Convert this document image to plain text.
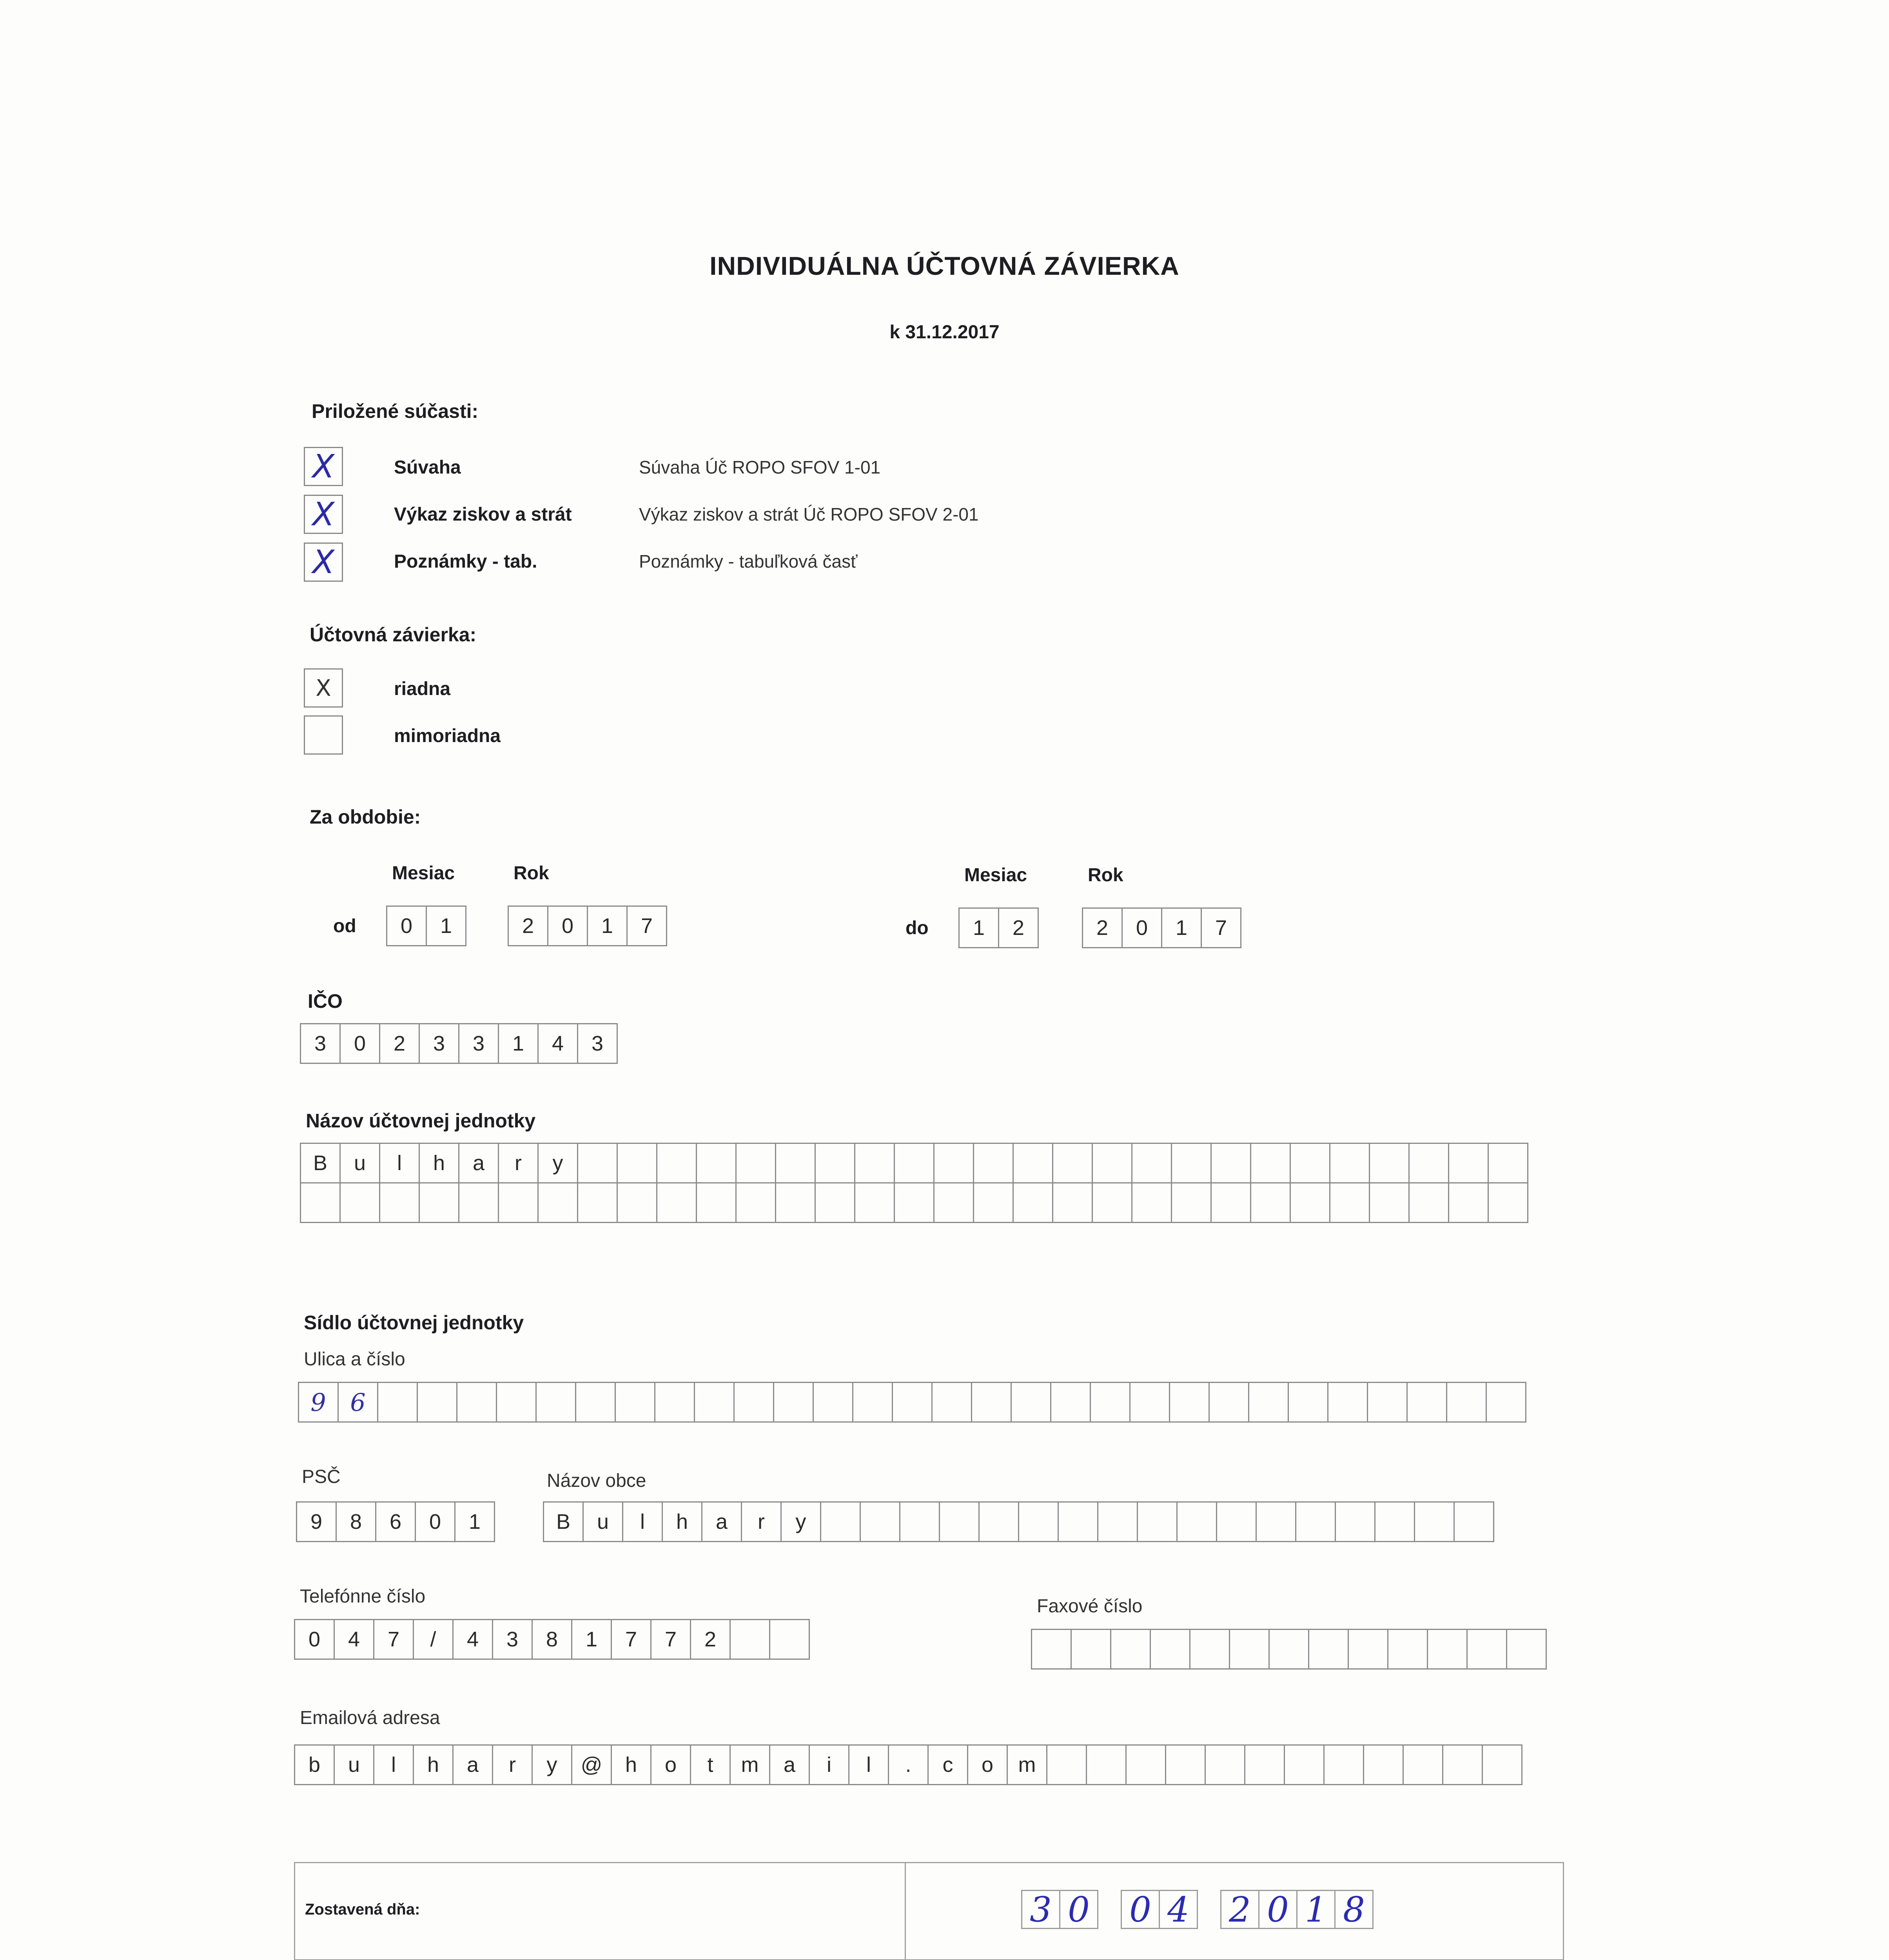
INDIVIDUÁLNA ÚČTOVNÁ ZÁVIERKA
k 31.12.2017
Priložené súčasti:
X	Súvaha	Súvaha Úč ROPO SFOV 1-01
X	Výkaz ziskov a strát	Výkaz ziskov a strát Úč ROPO SFOV 2-01
X	Poznámky - tab.	Poznámky - tabuľková časť
Účtovná závierka:
X	riadna
mimoriadna
Za obdobie:
Mesiac	Rok	Mesiac	Rok
od	0	1	2	0	1	7	do	1	2	2	0	1	7
IČO
3	0	2	3	3	1	4	3
Názov účtovnej jednotky
B	u	l	h	a	r	y
Sídlo účtovnej jednotky
Ulica a číslo
9 6
PSČ
9	8	6	0	1
Názov obce
B	u	l	h	a	r	y
Telefónne číslo
0	4	7	/	4	3	8	1	7	7	2
Faxové číslo
Emailová adresa
b	u	l	h	a	r	y	@	h	o	t	m	a	i	l	.	c	o	m
Zostavená dňa:	3 0 0 4 2 0 1 8
